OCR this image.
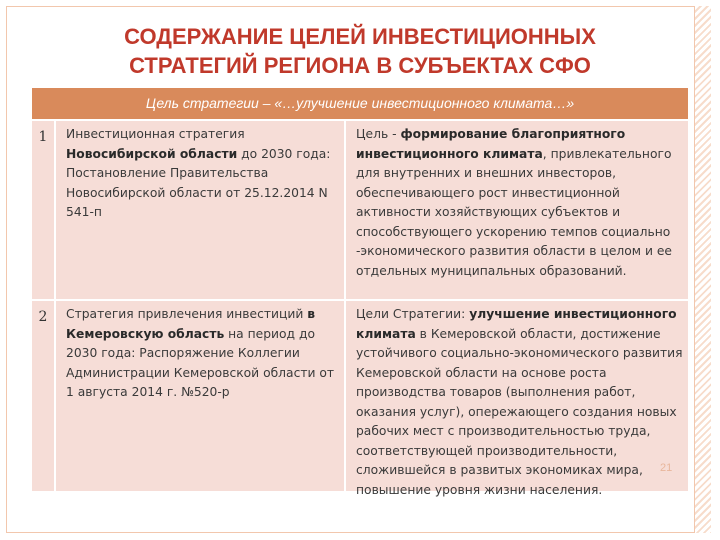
СОДЕРЖАНИЕ ЦЕЛЕЙ ИНВЕСТИЦИОННЫХ
СТРАТЕГИЙ РЕГИОНА В СУБЪЕКТАХ СФО
Цель стратегии – «…улучшение инвестиционного климата…»
1	Инвестиционная стратегия Новосибирской области до 2030 года: Постановление Правительства Новосибирской области от 25.12.2014 N 541-п
Цель - формирование благоприятного инвестиционного климата, привлекательного для внутренних и внешних инвесторов, обеспечивающего рост инвестиционной активности хозяйствующих субъектов и способствующего ускорению темпов социально -экономического развития области в целом и ее отдельных муниципальных образований.
2	Стратегия привлечения инвестиций в Кемеровскую область на период до 2030 года: Распоряжение Коллегии Администрации Кемеровской области от 1 августа 2014 г. №520-р
Цели Стратегии: улучшение инвестиционного климата в Кемеровской области, достижение устойчивого социально-экономического развития Кемеровской области на основе роста производства товаров (выполнения работ, оказания услуг), опережающего создания новых рабочих мест с производительностью труда, соответствующей производительности, сложившейся в развитых экономиках мира, повышение уровня жизни населения.
21
